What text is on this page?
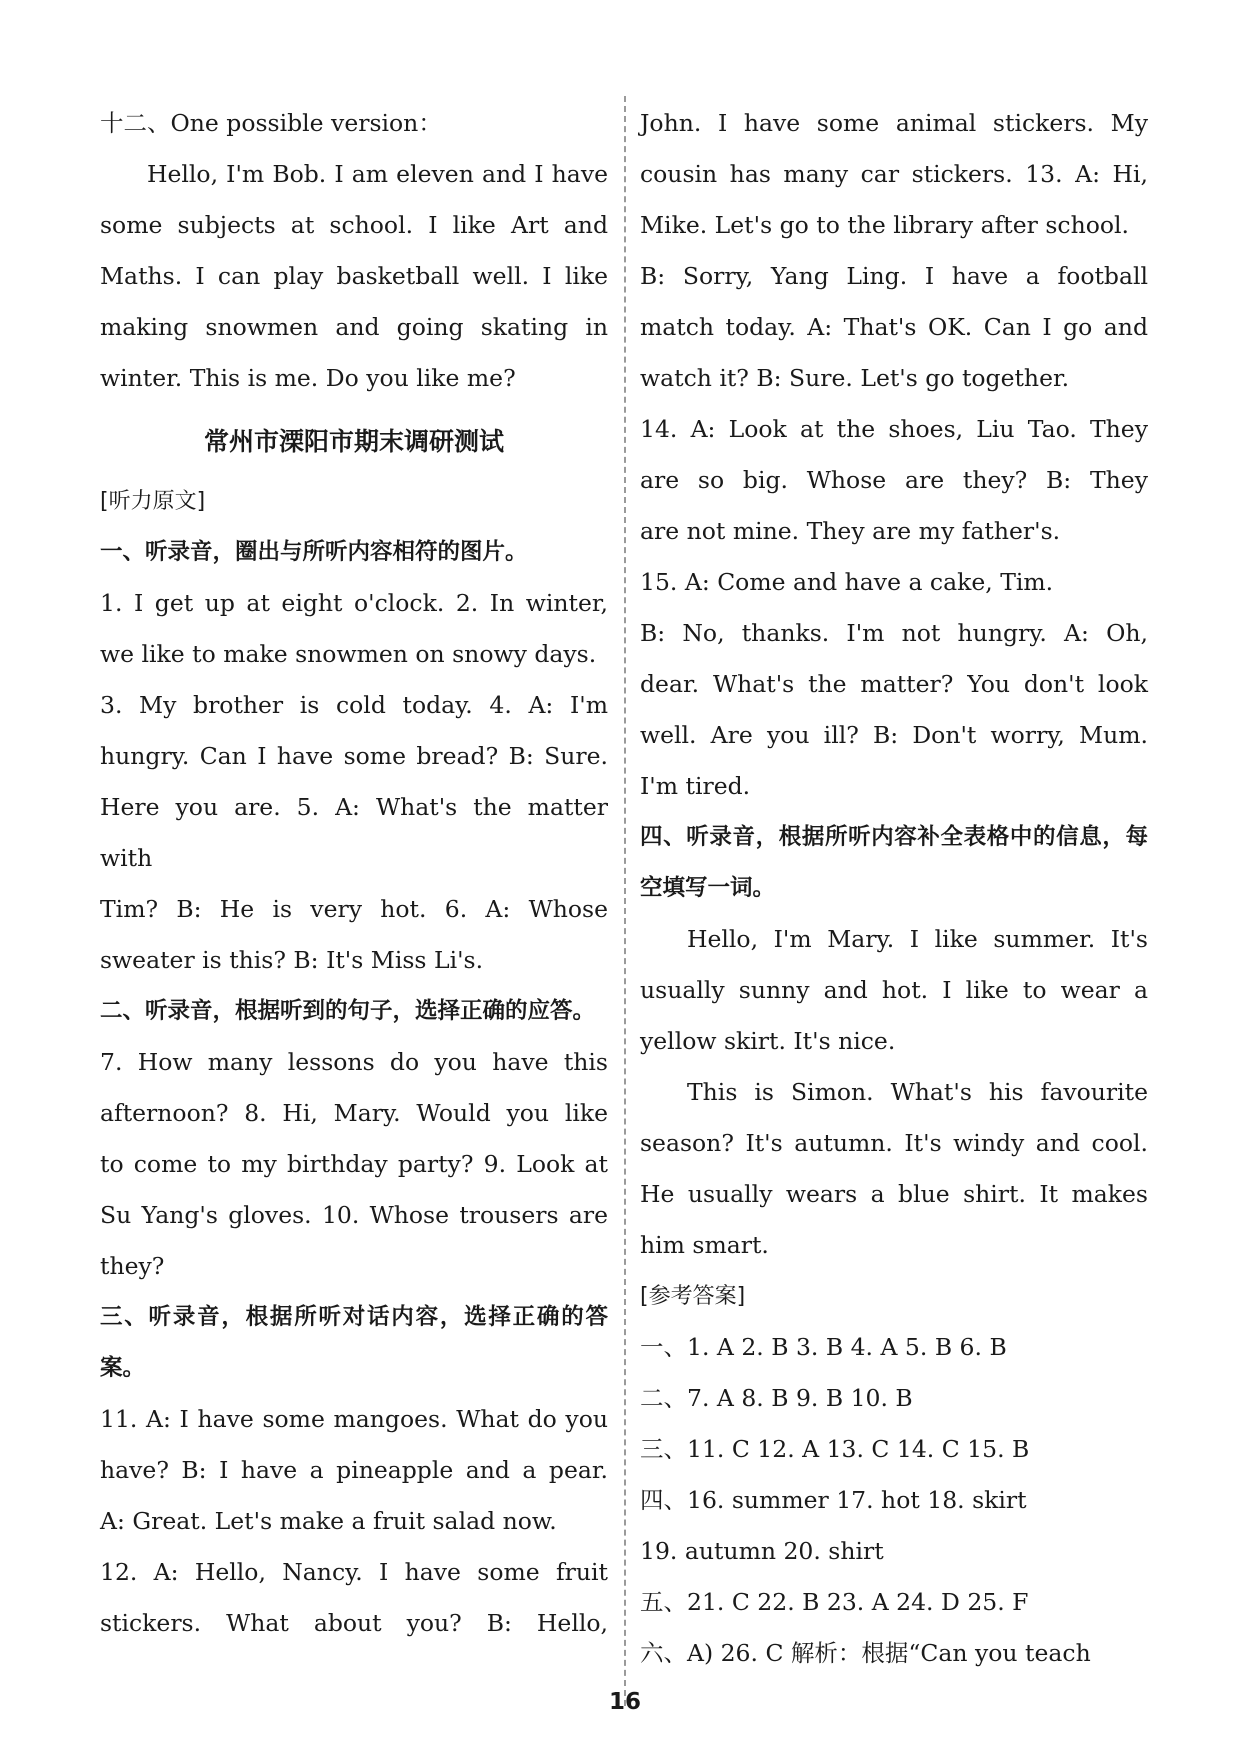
十二、One possible version：

Hello, I'm Bob. I am eleven and I have some subjects at school. I like Art and Maths. I can play basketball well. I like making snowmen and going skating in winter. This is me. Do you like me?

常州市溧阳市期末调研测试

[听力原文]

一、听录音，圈出与所听内容相符的图片。

1. I get up at eight o'clock. 2. In winter,

we like to make snowmen on snowy days.

3. My brother is cold today. 4. A: I'm

hungry. Can I have some bread? B: Sure.

Here you are. 5. A: What's the matter with

Tim? B: He is very hot. 6. A: Whose

sweater is this? B: It's Miss Li's.

二、听录音，根据听到的句子，选择正确的应答。

7. How many lessons do you have this

afternoon? 8. Hi, Mary. Would you like

to come to my birthday party? 9. Look at

Su Yang's gloves. 10. Whose trousers are

they?

三、听录音，根据所听对话内容，选择正确的答案。

11. A: I have some mangoes. What do you

have? B: I have a pineapple and a pear.

A: Great. Let's make a fruit salad now.

12. A: Hello, Nancy. I have some fruit

stickers. What about you? B: Hello,

John. I have some animal stickers. My

cousin has many car stickers. 13. A: Hi,

Mike. Let's go to the library after school.

B: Sorry, Yang Ling. I have a football

match today. A: That's OK. Can I go and

watch it? B: Sure. Let's go together.

14. A: Look at the shoes, Liu Tao. They

are so big. Whose are they? B: They

are not mine. They are my father's.

15. A: Come and have a cake, Tim.

B: No, thanks. I'm not hungry. A: Oh,

dear. What's the matter? You don't look

well. Are you ill? B: Don't worry, Mum.

I'm tired.

四、听录音，根据所听内容补全表格中的信息，每空填写一词。

Hello, I'm Mary. I like summer. It's usually sunny and hot. I like to wear a yellow skirt. It's nice.

This is Simon. What's his favourite season? It's autumn. It's windy and cool. He usually wears a blue shirt. It makes him smart.

[参考答案]

一、1. A 2. B 3. B 4. A 5. B 6. B

二、7. A 8. B 9. B 10. B

三、11. C 12. A 13. C 14. C 15. B

四、16. summer 17. hot 18. skirt

19. autumn 20. shirt

五、21. C 22. B 23. A 24. D 25. F

六、A) 26. C 解析：根据“Can you teach

16
